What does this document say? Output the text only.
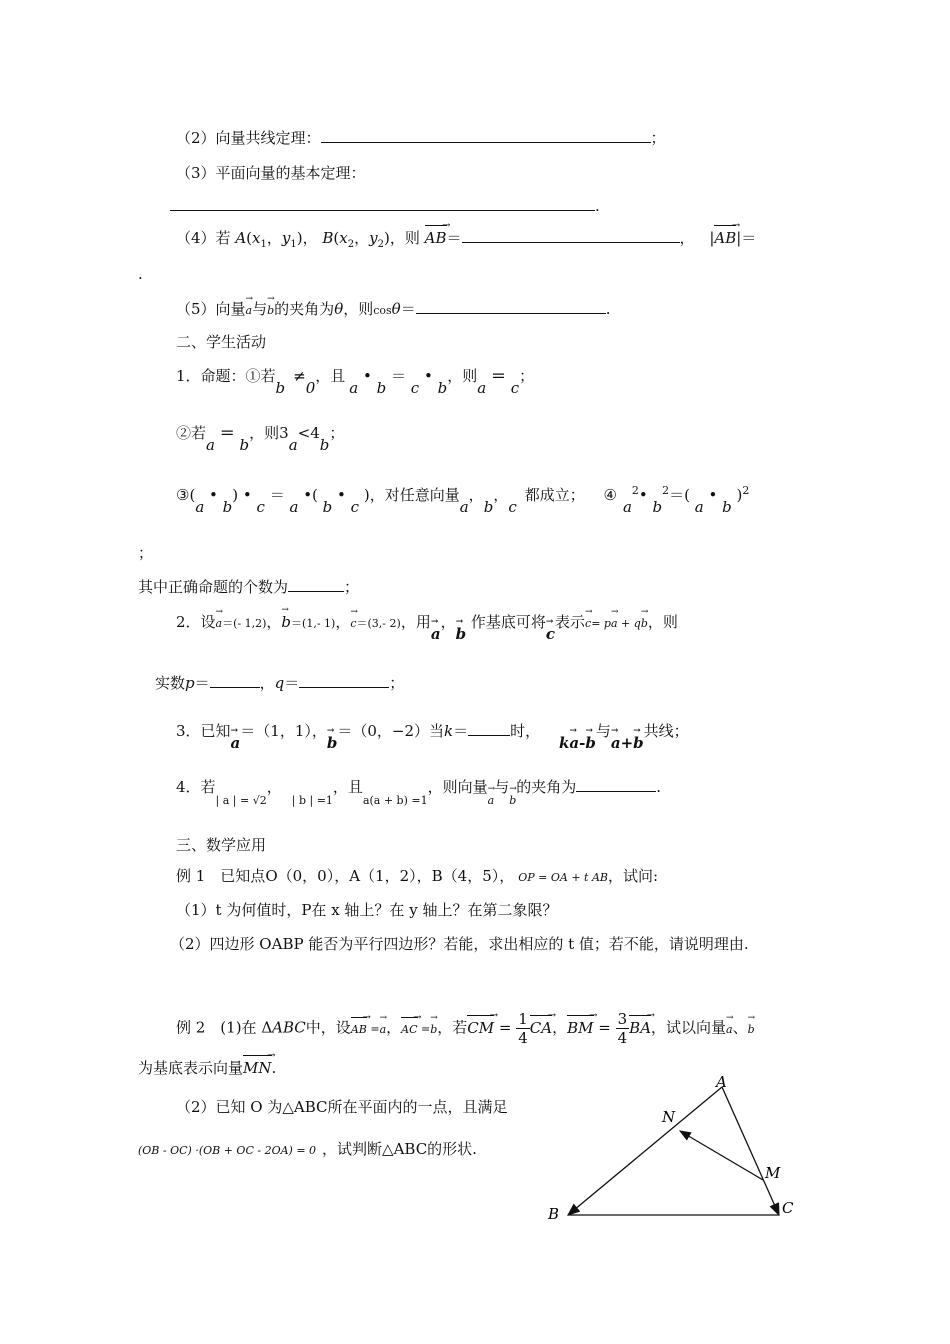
（2）向量共线定理：	；
（3）平面向量的基本定理：
.
（4）若 $A(x_1$，$y_1$)， $B(x_2$，$y_2$)，则 AB →＝	， |AB →|＝
.
（5）向量a →与b →的夹角为θ，则cosθ＝	.
二、学生活动
1．命题：①若b≠0，且a • b ＝ c • b，则a ＝ c；
②若a ＝ b，则3a<4b；
③(a • b) • c ＝ a •( b • c )，对任意向量a，b，c都成立； $④a^2•$ $b^2=$( a • b )$^2$
；
其中正确命题的个数为	；
2．设a →＝(- 1,2)，b →＝(1,- 1)，c →＝(3,- 2)，用a →，b → 作基底可将c →表示c →= pa → + qb →，则
实数p＝	，q＝	；
3．已知a →＝（1，1），b →＝（0，−2）当k＝	时， ka →-b →与a →+b →共线；
4．若$_{| a | = √2}$，$_{| b | =1}$，且$_{a(a + b) =1}$，则向量a →与b →的夹角为	.
三、数学应用
例 1　已知点O（0，0），A（1，2），B（4，5）， OP = OA + t AB，试问:
（1）t 为何值时，P在 x 轴上？在 y 轴上？在第二象限？
（2）四边形 OABP 能否为平行四边形？若能，求出相应的 t 值；若不能，请说明理由.
例 2　(1)在 ΔABC中，设AB → =a →，AC → =b →，若CM → = $\frac{1}{4}$ CA →，BM → = $\frac{3}{4}$ BA →，试以向量a →、b →
为基底表示向量MN →.
（2）已知 O 为△ABC所在平面内的一点，且满足
(OB - OC) ·(OB + OC - 2OA) = 0 ，试判断△ABC的形状.
A
B	C
M
N
